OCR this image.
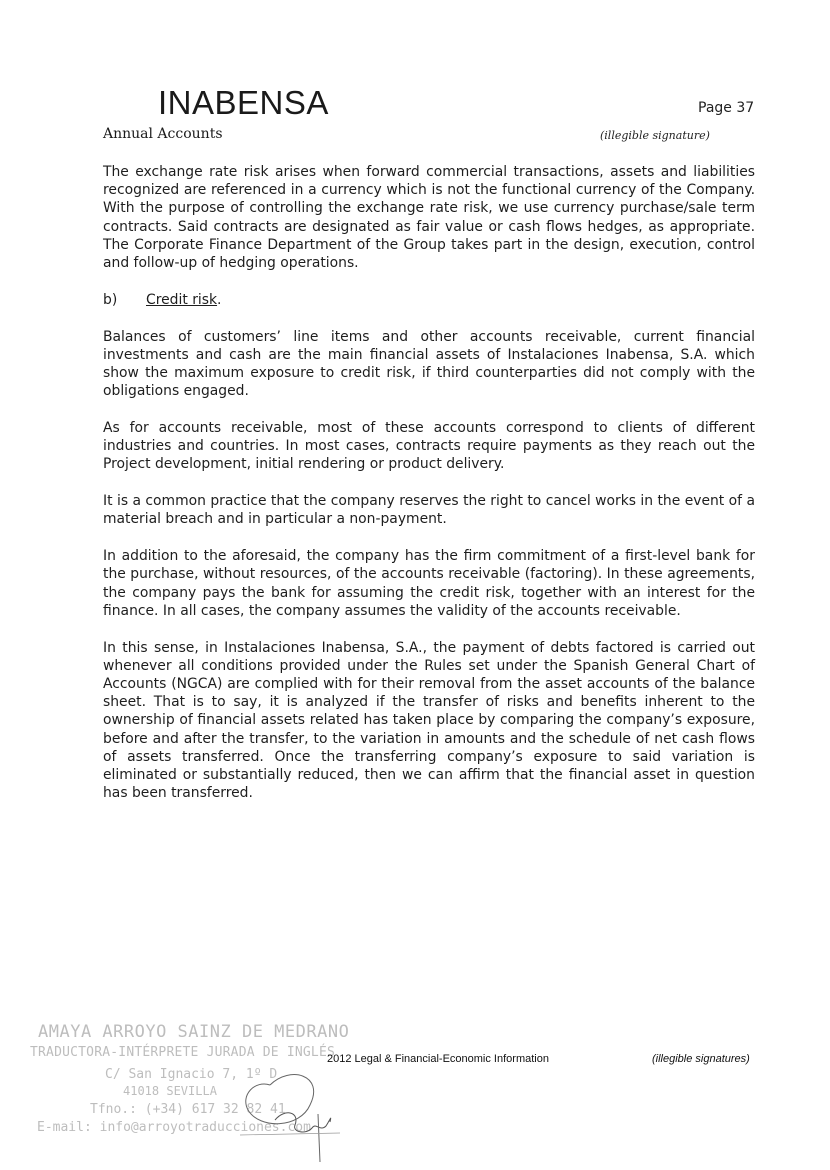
INABENSA
Annual Accounts
Page 37
(illegible signature)

The exchange rate risk arises when forward commercial transactions, assets and liabilities recognized are referenced in a currency which is not the functional currency of the Company. With the purpose of controlling the exchange rate risk, we use currency purchase/sale term contracts. Said contracts are designated as fair value or cash flows hedges, as appropriate. The Corporate Finance Department of the Group takes part in the design, execution, control and follow-up of hedging operations.

b) Credit risk.

Balances of customers’ line items and other accounts receivable, current financial investments and cash are the main financial assets of Instalaciones Inabensa, S.A. which show the maximum exposure to credit risk, if third counterparties did not comply with the obligations engaged.

As for accounts receivable, most of these accounts correspond to clients of different industries and countries. In most cases, contracts require payments as they reach out the Project development, initial rendering or product delivery.

It is a common practice that the company reserves the right to cancel works in the event of a material breach and in particular a non-payment.

In addition to the aforesaid, the company has the firm commitment of a first-level bank for the purchase, without resources, of the accounts receivable (factoring). In these agreements, the company pays the bank for assuming the credit risk, together with an interest for the finance. In all cases, the company assumes the validity of the accounts receivable.

In this sense, in Instalaciones Inabensa, S.A., the payment of debts factored is carried out whenever all conditions provided under the Rules set under the Spanish General Chart of Accounts (NGCA) are complied with for their removal from the asset accounts of the balance sheet. That is to say, it is analyzed if the transfer of risks and benefits inherent to the ownership of financial assets related has taken place by comparing the company’s exposure, before and after the transfer, to the variation in amounts and the schedule of net cash flows of assets transferred. Once the transferring company’s exposure to said variation is eliminated or substantially reduced, then we can affirm that the financial asset in question has been transferred.

AMAYA ARROYO SAINZ DE MEDRANO
TRADUCTORA-INTÉRPRETE JURADA DE INGLÉS
C/ San Ignacio 7, 1º D
41018 SEVILLA
Tfno.: (+34) 617 32 82 41
E-mail: info@arroyotraducciones.com
2012 Legal & Financial-Economic Information	(illegible signatures)
